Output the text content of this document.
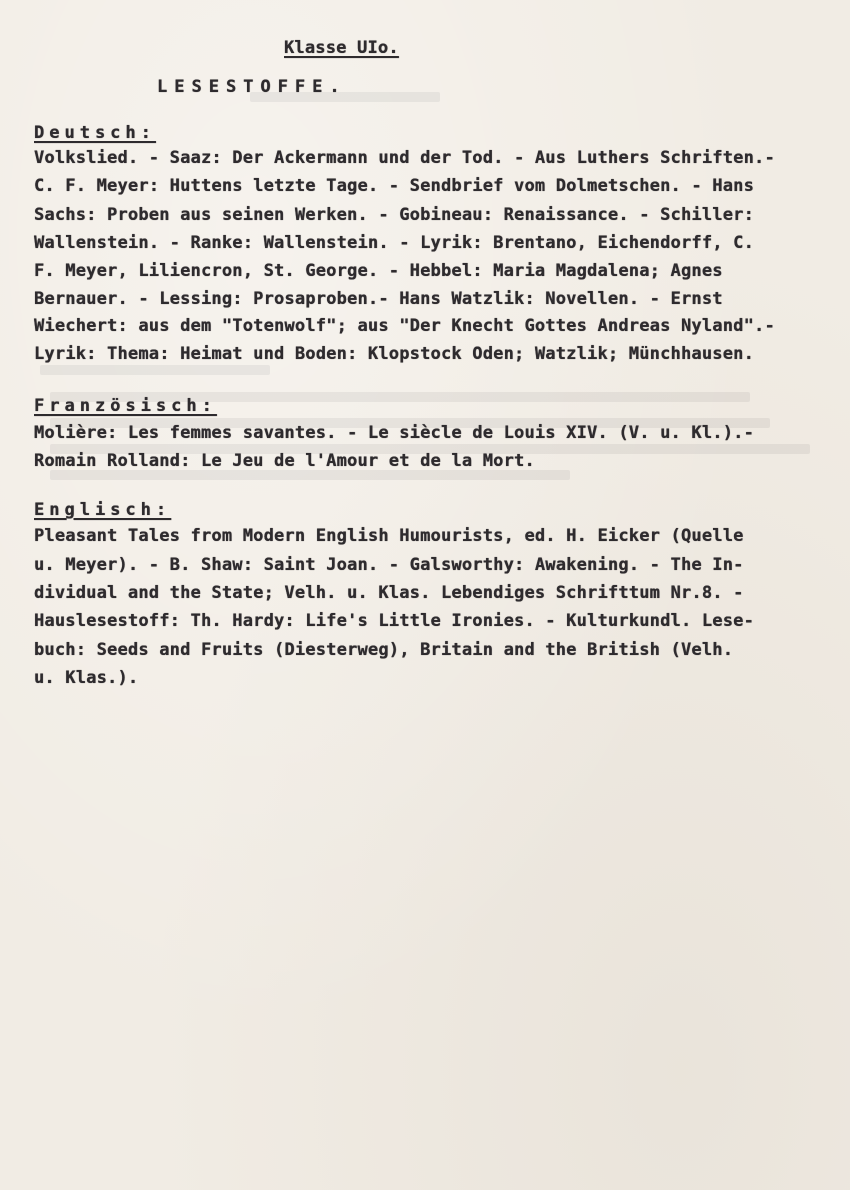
Klasse UIo.
LESESTOFFE.
Deutsch:
Volkslied. - Saaz: Der Ackermann und der Tod. - Aus Luthers Schriften.-
C. F. Meyer: Huttens letzte Tage. - Sendbrief vom Dolmetschen. - Hans
Sachs: Proben aus seinen Werken. - Gobineau: Renaissance. - Schiller:
Wallenstein. - Ranke: Wallenstein. - Lyrik: Brentano, Eichendorff, C.
F. Meyer, Liliencron, St. George. - Hebbel: Maria Magdalena; Agnes
Bernauer. - Lessing: Prosaproben.- Hans Watzlik: Novellen. - Ernst
Wiechert: aus dem "Totenwolf"; aus "Der Knecht Gottes Andreas Nyland".-
Lyrik: Thema: Heimat und Boden: Klopstock Oden; Watzlik; Münchhausen.
Französisch:
Molière: Les femmes savantes. - Le siècle de Louis XIV. (V. u. Kl.).-
Romain Rolland: Le Jeu de l'Amour et de la Mort.
Englisch:
Pleasant Tales from Modern English Humourists, ed. H. Eicker (Quelle
u. Meyer). - B. Shaw: Saint Joan. - Galsworthy: Awakening. - The In-
dividual and the State; Velh. u. Klas. Lebendiges Schrifttum Nr.8. -
Hauslesestoff: Th. Hardy: Life's Little Ironies. - Kulturkundl. Lese-
buch: Seeds and Fruits (Diesterweg), Britain and the British (Velh.
u. Klas.).
